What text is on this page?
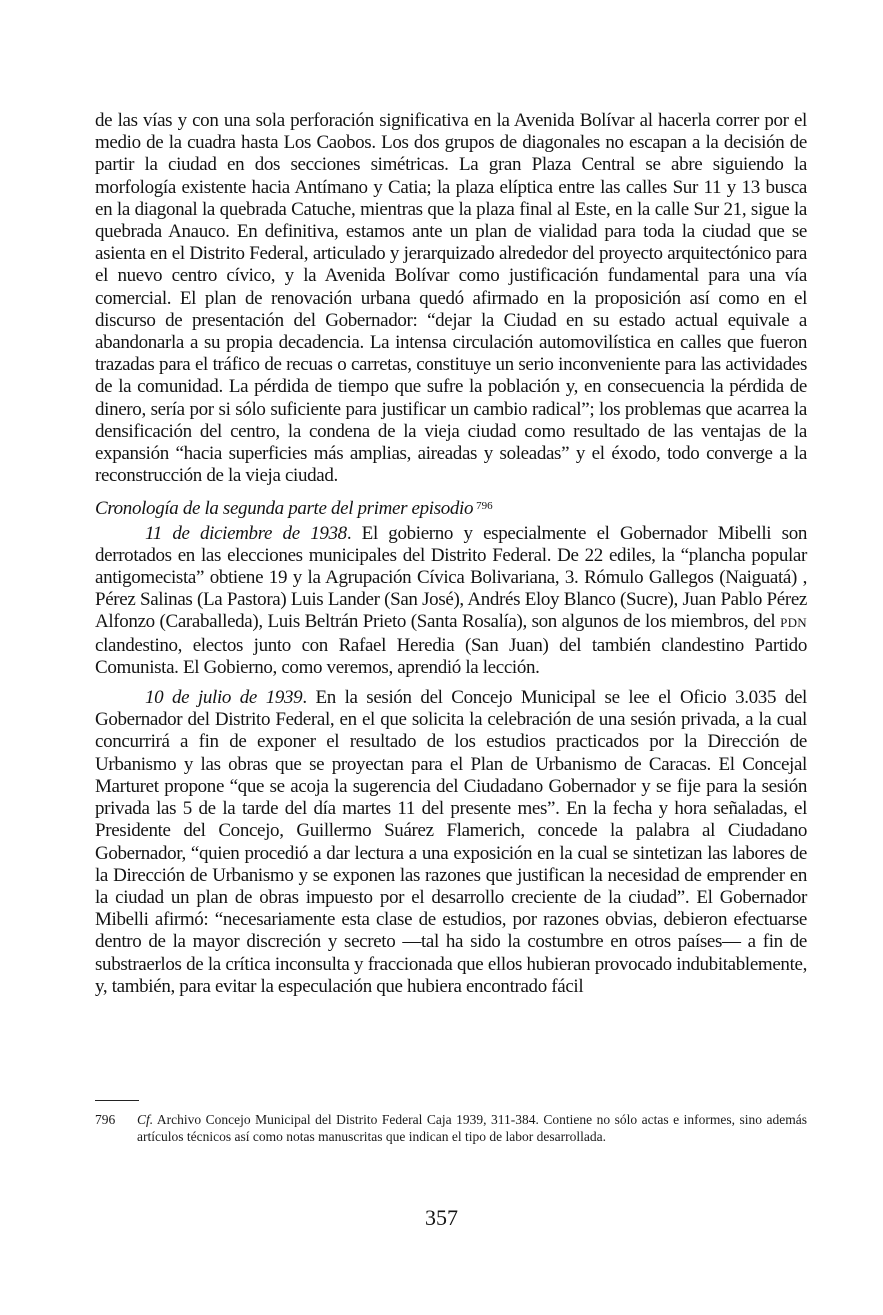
de las vías y con una sola perforación significativa en la Avenida Bolívar al hacerla correr por el medio de la cuadra hasta Los Caobos. Los dos grupos de diagonales no escapan a la decisión de partir la ciudad en dos secciones simétricas. La gran Plaza Central se abre siguiendo la morfología existente hacia Antímano y Catia; la plaza elíptica entre las calles Sur 11 y 13 busca en la diagonal la quebrada Catuche, mientras que la plaza final al Este, en la calle Sur 21, sigue la quebrada Anauco. En definitiva, estamos ante un plan de vialidad para toda la ciudad que se asienta en el Distrito Federal, articulado y jerarquizado alrededor del proyecto arquitectónico para el nuevo centro cívico, y la Avenida Bolívar como justificación fundamental para una vía comercial. El plan de renovación urbana quedó afirmado en la proposición así como en el discurso de presentación del Gobernador: “dejar la Ciudad en su estado actual equivale a abandonarla a su propia decadencia. La intensa circulación automovilística en calles que fueron trazadas para el tráfico de recuas o carretas, constituye un serio inconveniente para las actividades de la comunidad. La pérdida de tiempo que sufre la población y, en consecuencia la pérdida de dinero, sería por si sólo suficiente para justificar un cambio radical”; los problemas que acarrea la densificación del centro, la condena de la vieja ciudad como resultado de las ventajas de la expansión “hacia superficies más amplias, aireadas y soleadas” y el éxodo, todo converge a la reconstrucción de la vieja ciudad.

Cronología de la segunda parte del primer episodio $^{796}$

11 de diciembre de 1938. El gobierno y especialmente el Gobernador Mibelli son derrotados en las elecciones municipales del Distrito Federal. De 22 ediles, la “plancha popular antigomecista” obtiene 19 y la Agrupación Cívica Bolivariana, 3. Rómulo Gallegos (Naiguatá) , Pérez Salinas (La Pastora) Luis Lander (San José), Andrés Eloy Blanco (Sucre), Juan Pablo Pérez Alfonzo (Caraballeda), Luis Beltrán Prieto (Santa Rosalía), son algunos de los miembros, del PDN clandestino, electos junto con Rafael Heredia (San Juan) del también clandestino Partido Comunista. El Gobierno, como veremos, aprendió la lección.

10 de julio de 1939. En la sesión del Concejo Municipal se lee el Oficio 3.035 del Gobernador del Distrito Federal, en el que solicita la celebración de una sesión privada, a la cual concurrirá a fin de exponer el resultado de los estudios practicados por la Dirección de Urbanismo y las obras que se proyectan para el Plan de Urbanismo de Caracas. El Concejal Marturet propone “que se acoja la sugerencia del Ciudadano Gobernador y se fije para la sesión privada las 5 de la tarde del día martes 11 del presente mes”. En la fecha y hora señaladas, el Presidente del Concejo, Guillermo Suárez Flamerich, concede la palabra al Ciudadano Gobernador, “quien procedió a dar lectura a una exposición en la cual se sintetizan las labores de la Dirección de Urbanismo y se exponen las razones que justifican la necesidad de emprender en la ciudad un plan de obras impuesto por el desarrollo creciente de la ciudad”. El Gobernador Mibelli afirmó: “necesariamente esta clase de estudios, por razones obvias, debieron efectuarse dentro de la mayor discreción y secreto —tal ha sido la costumbre en otros países— a fin de substraerlos de la crítica inconsulta y fraccionada que ellos hubieran provocado indubitablemente, y, también, para evitar la especulación que hubiera encontrado fácil

796 Cf. Archivo Concejo Municipal del Distrito Federal Caja 1939, 311-384. Contiene no sólo actas e informes, sino además artículos técnicos así como notas manuscritas que indican el tipo de labor desarrollada.
357
